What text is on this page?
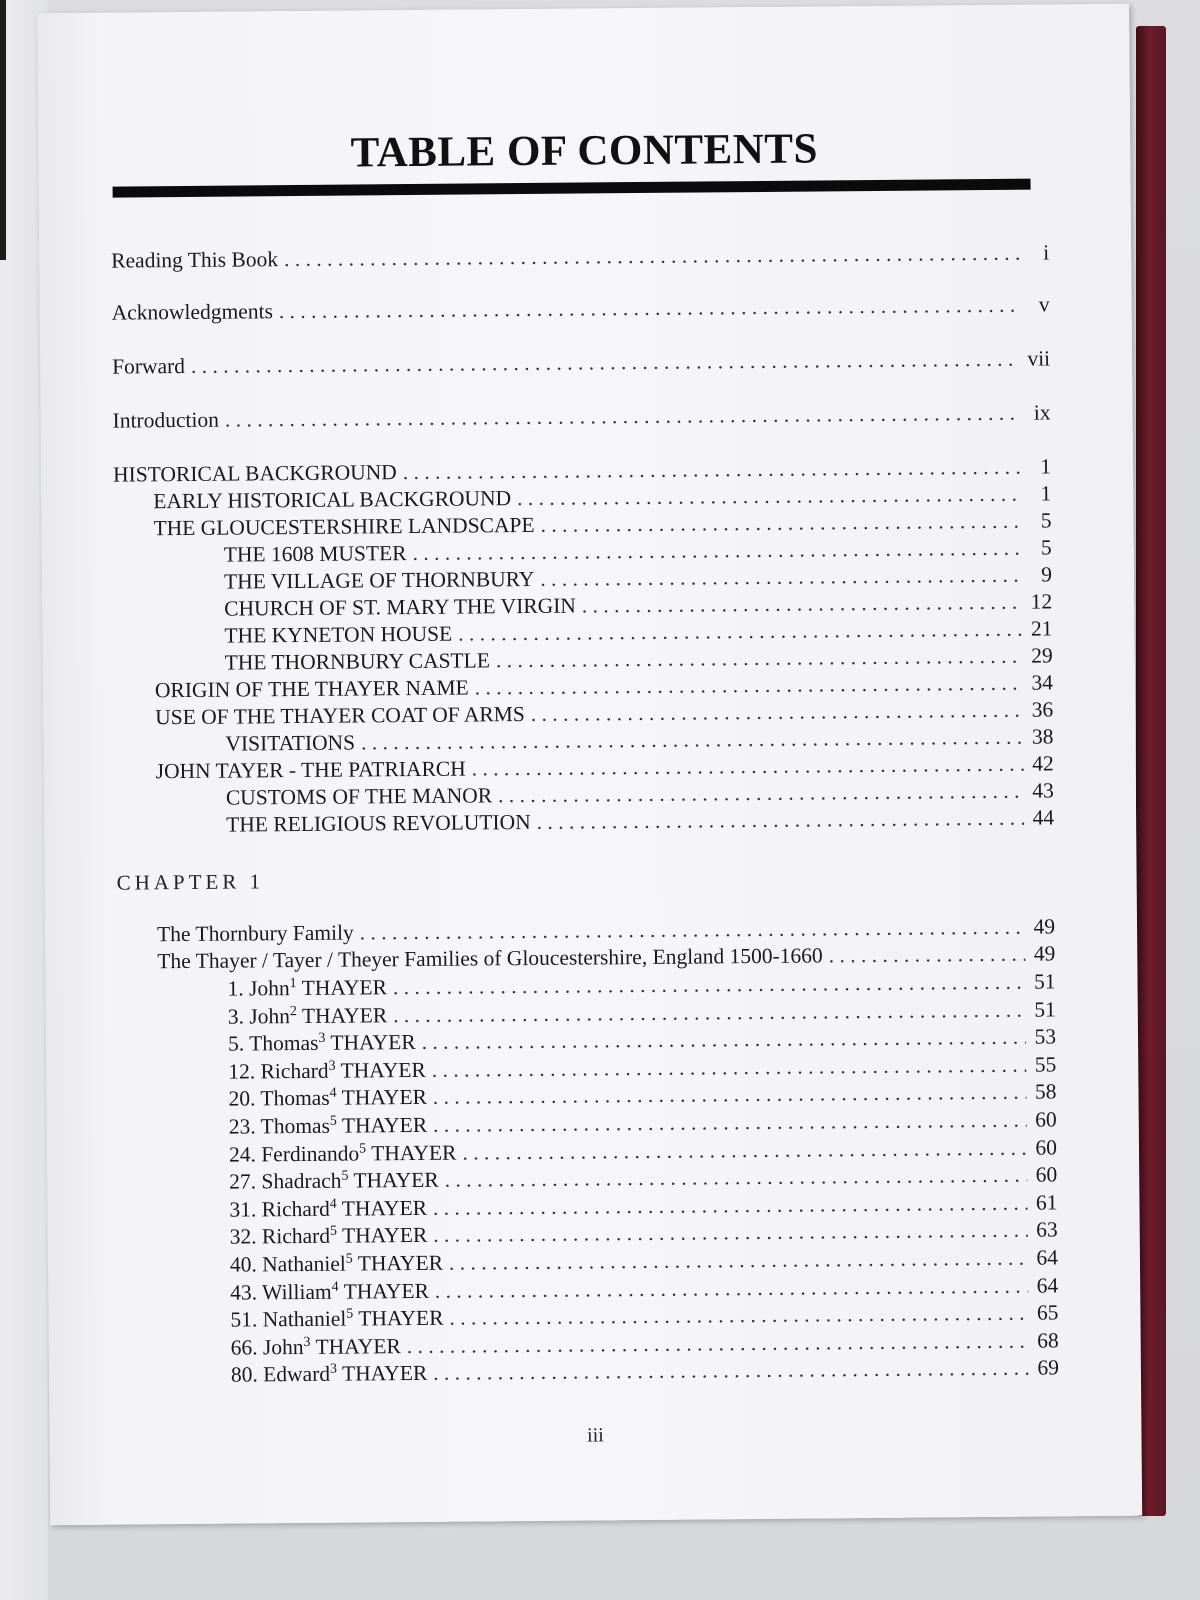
TABLE OF CONTENTS
CHAPTER 1
Reading This Book . . .	i
Acknowledgments . . .	v
Forward . . .	vii
Introduction . . .	ix
HISTORICAL BACKGROUND . . .	1
EARLY HISTORICAL BACKGROUND . . .	1
THE GLOUCESTERSHIRE LANDSCAPE . . .	5
THE 1608 MUSTER . . .	5
THE VILLAGE OF THORNBURY . . .	9
CHURCH OF ST. MARY THE VIRGIN . . .	12
THE KYNETON HOUSE . . .	21
THE THORNBURY CASTLE . . .	29
ORIGIN OF THE THAYER NAME . . .	34
USE OF THE THAYER COAT OF ARMS . . .	36
VISITATIONS . . .	38
JOHN TAYER - THE PATRIARCH . . .	42
CUSTOMS OF THE MANOR . . .	43
THE RELIGIOUS REVOLUTION . . .	44
The Thornbury Family . . .	49
The Thayer / Tayer / Theyer Families of Gloucestershire, England 1500-1660 . . .	49
1. John$^1$ THAYER . . .	51
3. John$^2$ THAYER . . .	51
5. Thomas$^3$ THAYER . . .	53
12. Richard$^3$ THAYER . . .	55
20. Thomas$^4$ THAYER . . .	58
23. Thomas$^5$ THAYER . . .	60
24. Ferdinando$^5$ THAYER . . .	60
27. Shadrach$^5$ THAYER . . .	60
31. Richard$^4$ THAYER . . .	61
32. Richard$^5$ THAYER . . .	63
40. Nathaniel$^5$ THAYER . . .	64
43. William$^4$ THAYER . . .	64
51. Nathaniel$^5$ THAYER . . .	65
66. John$^3$ THAYER . . .	68
80. Edward$^3$ THAYER . . .	69
iii
